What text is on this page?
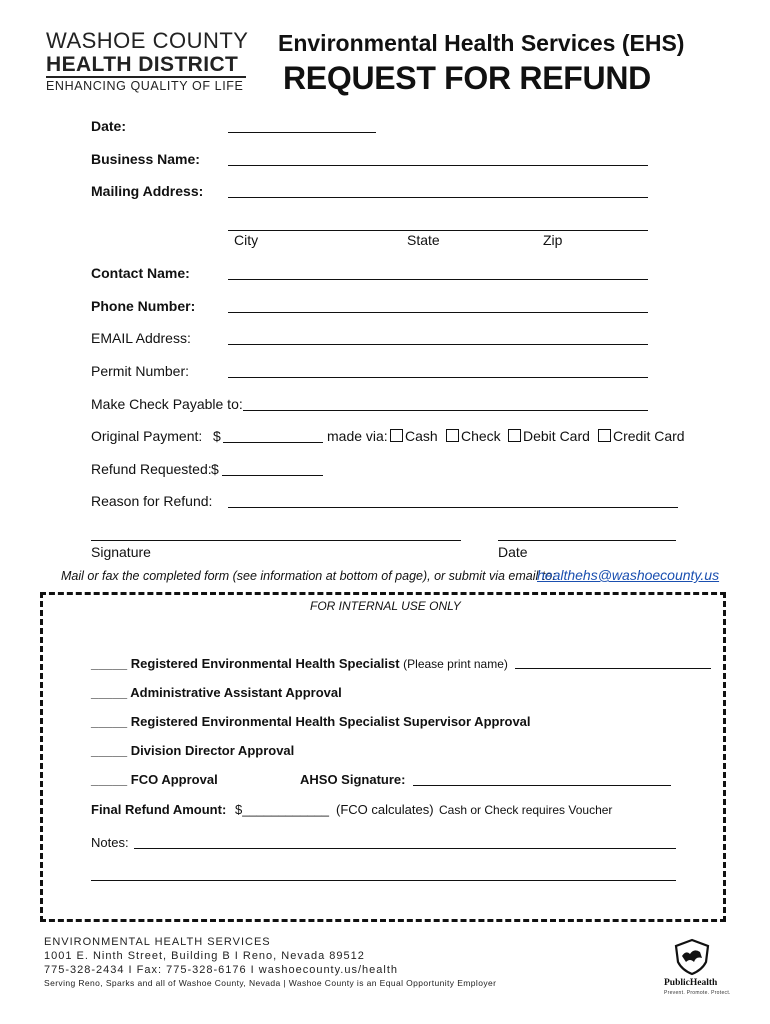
WASHOE COUNTY
HEALTH DISTRICT
ENHANCING QUALITY OF LIFE
Environmental Health Services (EHS)
REQUEST FOR REFUND
Date:
Business Name:
Mailing Address:
City	State	Zip
Contact Name:
Phone Number:
EMAIL Address:
Permit Number:
Make Check Payable to:
Original Payment: $	made via:	Cash	Check	Debit Card	Credit Card
Refund Requested: $
Reason for Refund:
Signature	Date
Mail or fax the completed form (see information at bottom of page), or submit via email to:
healthehs@washoecounty.us
FOR INTERNAL USE ONLY
_____ Registered Environmental Health Specialist (Please print name)
_____ Administrative Assistant Approval
_____ Registered Environmental Health Specialist Supervisor Approval
_____ Division Director Approval
_____ FCO Approval	AHSO Signature:
Final Refund Amount: $____________ (FCO calculates) Cash or Check requires Voucher
Notes:
ENVIRONMENTAL HEALTH SERVICES
1001 E. Ninth Street, Building B I Reno, Nevada 89512
775-328-2434 I Fax: 775-328-6176 I washoecounty.us/health
Serving Reno, Sparks and all of Washoe County, Nevada | Washoe County is an Equal Opportunity Employer	PublicHealth
Prevent. Promote. Protect.
